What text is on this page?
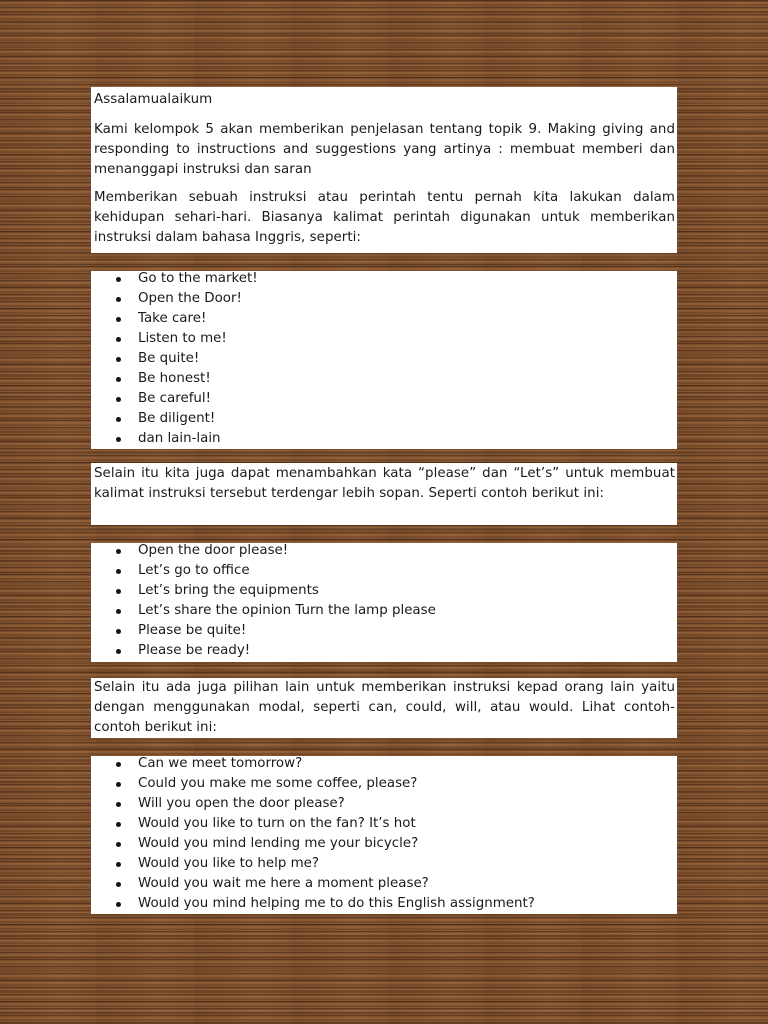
Assalamualaikum

Kami kelompok 5 akan memberikan penjelasan tentang topik 9. Making giving and responding to instructions and suggestions yang artinya : membuat memberi dan menanggapi instruksi dan saran

Memberikan sebuah instruksi atau perintah tentu pernah kita lakukan dalam kehidupan sehari-hari. Biasanya kalimat perintah digunakan untuk memberikan instruksi dalam bahasa Inggris, seperti:

Go to the market!
Open the Door!
Take care!
Listen to me!
Be quite!
Be honest!
Be careful!
Be diligent!
dan lain-lain

Selain itu kita juga dapat menambahkan kata “please” dan “Let’s” untuk membuat kalimat instruksi tersebut terdengar lebih sopan. Seperti contoh berikut ini:

Open the door please!
Let’s go to office
Let’s bring the equipments
Let’s share the opinion Turn the lamp please
Please be quite!
Please be ready!

Selain itu ada juga pilihan lain untuk memberikan instruksi kepad orang lain yaitu dengan menggunakan modal, seperti can, could, will, atau would. Lihat contoh-contoh berikut ini:

Can we meet tomorrow?
Could you make me some coffee, please?
Will you open the door please?
Would you like to turn on the fan? It’s hot
Would you mind lending me your bicycle?
Would you like to help me?
Would you wait me here a moment please?
Would you mind helping me to do this English assignment?
